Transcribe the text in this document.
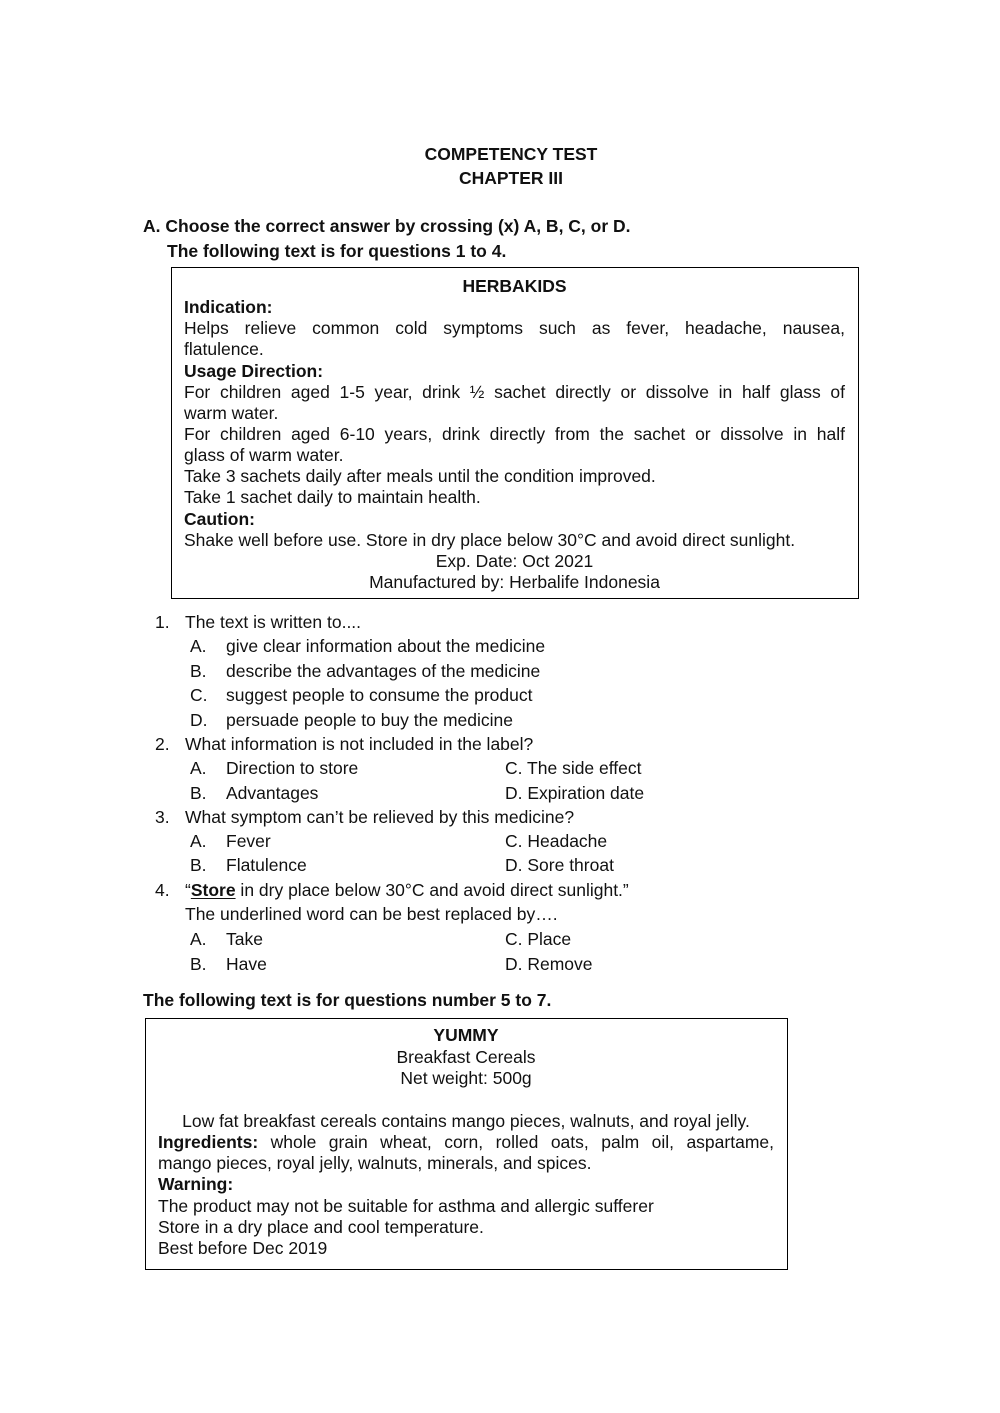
COMPETENCY TEST
CHAPTER III
A. Choose the correct answer by crossing (x) A, B, C, or D.
The following text is for questions 1 to 4.
HERBAKIDS
Indication:
Helps relieve common cold symptoms such as fever, headache, nausea,
flatulence.
Usage Direction:
For children aged 1-5 year, drink ½ sachet directly or dissolve in half glass of
warm water.
For children aged 6-10 years, drink directly from the sachet or dissolve in half
glass of warm water.
Take 3 sachets daily after meals until the condition improved.
Take 1 sachet daily to maintain health.
Caution:
Shake well before use. Store in dry place below 30°C and avoid direct sunlight.
Exp. Date: Oct 2021
Manufactured by: Herbalife Indonesia
1. The text is written to....
A. give clear information about the medicine
B. describe the advantages of the medicine
C. suggest people to consume the product
D. persuade people to buy the medicine
2. What information is not included in the label?
A. Direction to store	C. The side effect
B. Advantages	D. Expiration date
3. What symptom can’t be relieved by this medicine?
A. Fever	C. Headache
B. Flatulence	D. Sore throat
4. “Store in dry place below 30°C and avoid direct sunlight.”
The underlined word can be best replaced by….
A. Take	C. Place
B. Have	D. Remove
The following text is for questions number 5 to 7.
YUMMY
Breakfast Cereals
Net weight: 500g
Low fat breakfast cereals contains mango pieces, walnuts, and royal jelly.
Ingredients: whole grain wheat, corn, rolled oats, palm oil, aspartame,
mango pieces, royal jelly, walnuts, minerals, and spices.
Warning:
The product may not be suitable for asthma and allergic sufferer
Store in a dry place and cool temperature.
Best before Dec 2019
